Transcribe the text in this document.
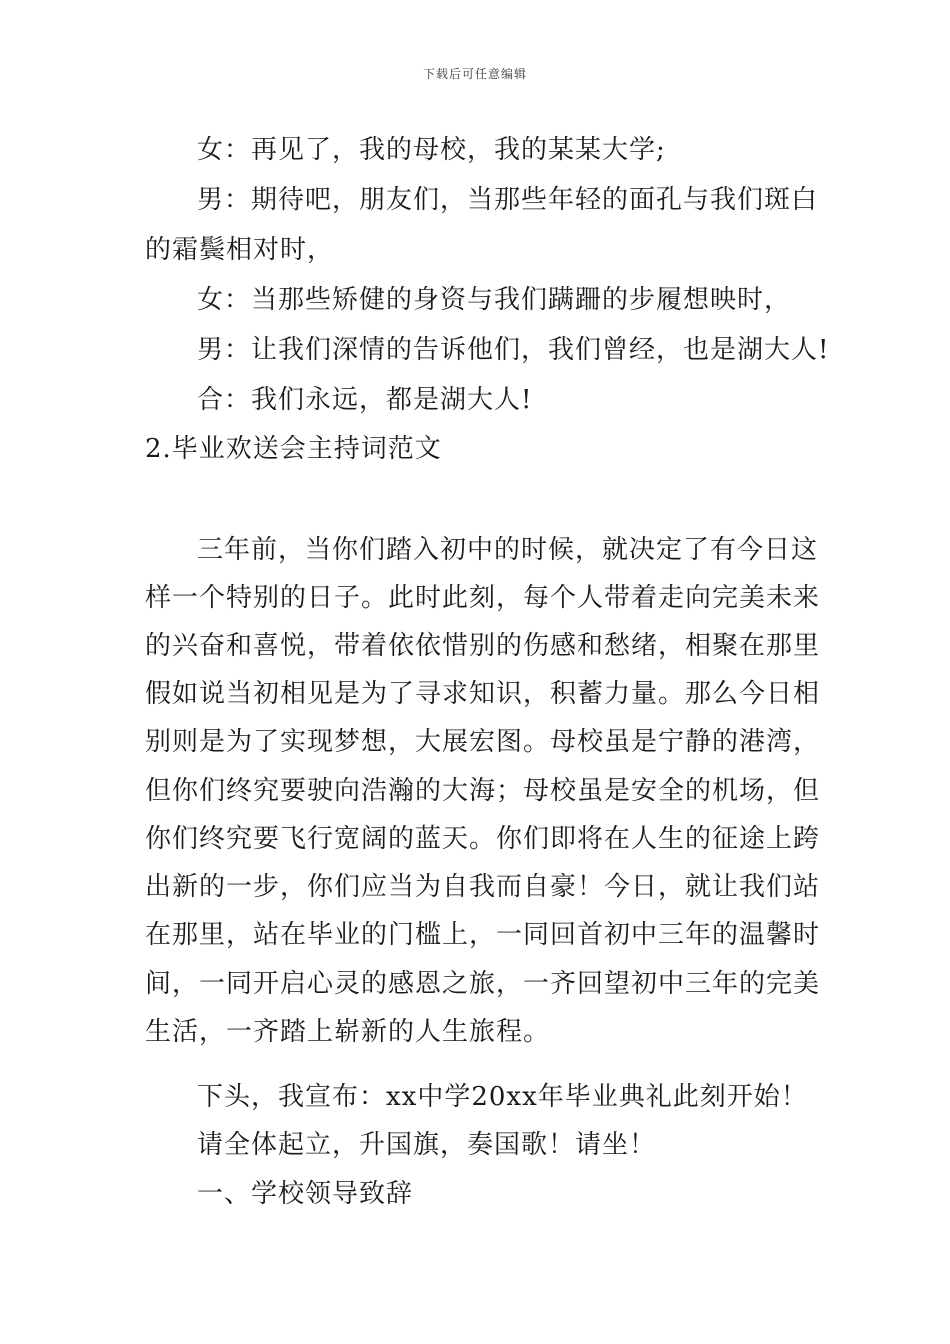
下载后可任意编辑
女：再见了，我的母校，我的某某大学;
男：期待吧，朋友们，当那些年轻的面孔与我们斑白
的霜鬓相对时，
女：当那些矫健的身资与我们蹒跚的步履想映时，
男：让我们深情的告诉他们，我们曾经，也是湖大人!
合：我们永远，都是湖大人!
2.毕业欢送会主持词范文
三年前，当你们踏入初中的时候，就决定了有今日这
样一个特别的日子。此时此刻，每个人带着走向完美未来
的兴奋和喜悦，带着依依惜别的伤感和愁绪，相聚在那里
假如说当初相见是为了寻求知识，积蓄力量。那么今日相
别则是为了实现梦想，大展宏图。母校虽是宁静的港湾，
但你们终究要驶向浩瀚的大海；母校虽是安全的机场，但
你们终究要飞行宽阔的蓝天。你们即将在人生的征途上跨
出新的一步，你们应当为自我而自豪！今日，就让我们站
在那里，站在毕业的门槛上，一同回首初中三年的温馨时
间，一同开启心灵的感恩之旅，一齐回望初中三年的完美
生活，一齐踏上崭新的人生旅程。
下头，我宣布：xx中学20xx年毕业典礼此刻开始！
请全体起立，升国旗，奏国歌！请坐！
一、学校领导致辞
